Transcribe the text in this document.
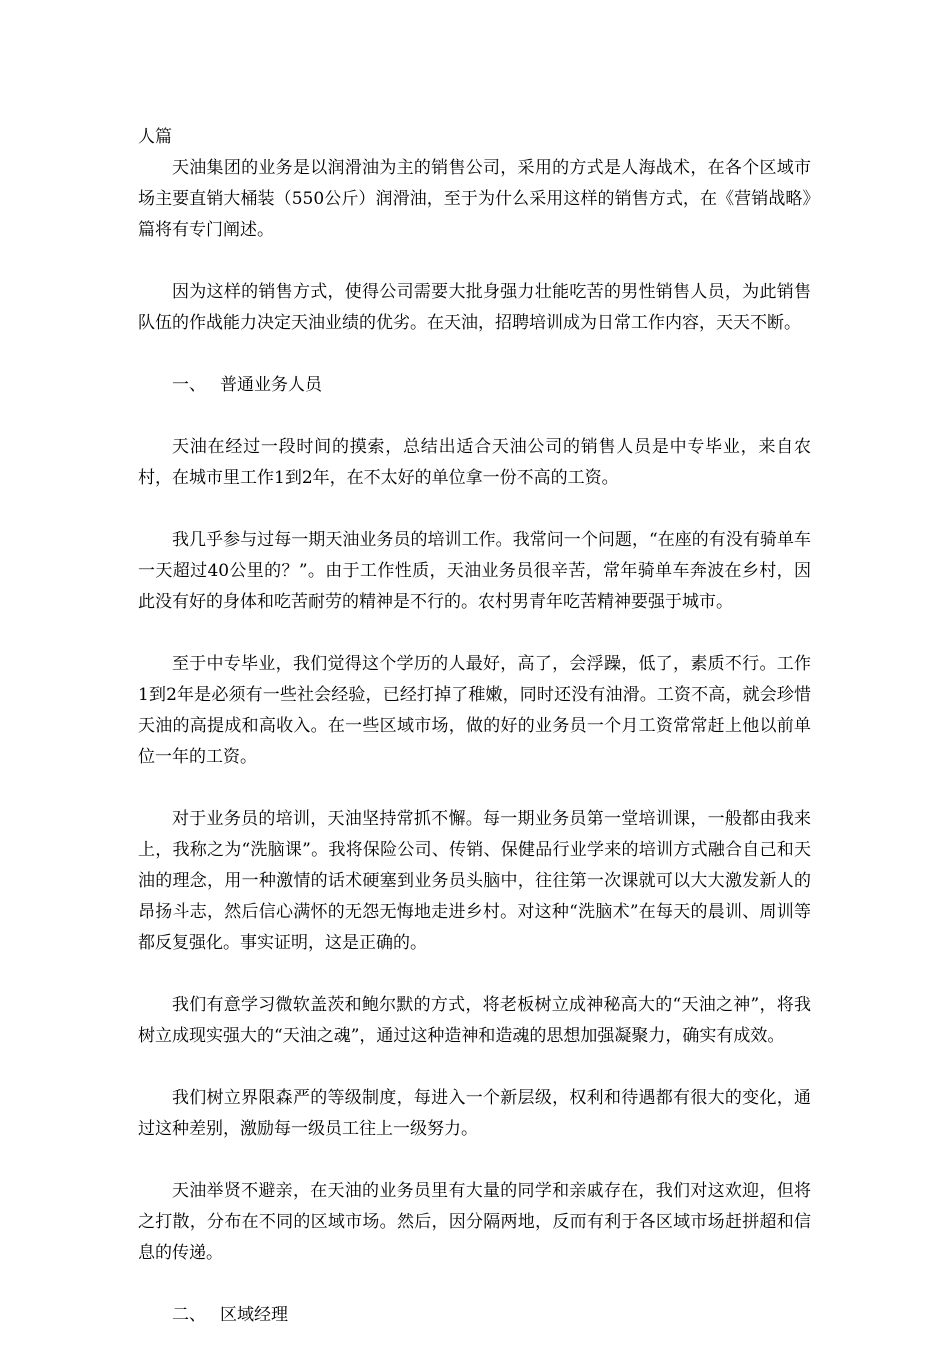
人篇

天油集团的业务是以润滑油为主的销售公司，采用的方式是人海战术，在各个区域市场主要直销大桶装（550公斤）润滑油，至于为什么采用这样的销售方式，在《营销战略》篇将有专门阐述。

因为这样的销售方式，使得公司需要大批身强力壮能吃苦的男性销售人员，为此销售队伍的作战能力决定天油业绩的优劣。在天油，招聘培训成为日常工作内容，天天不断。

一、 普通业务人员

天油在经过一段时间的摸索，总结出适合天油公司的销售人员是中专毕业，来自农村，在城市里工作1到2年，在不太好的单位拿一份不高的工资。

我几乎参与过每一期天油业务员的培训工作。我常问一个问题，“在座的有没有骑单车一天超过40公里的？”。由于工作性质，天油业务员很辛苦，常年骑单车奔波在乡村，因此没有好的身体和吃苦耐劳的精神是不行的。农村男青年吃苦精神要强于城市。

至于中专毕业，我们觉得这个学历的人最好，高了，会浮躁，低了，素质不行。工作1到2年是必须有一些社会经验，已经打掉了稚嫩，同时还没有油滑。工资不高，就会珍惜天油的高提成和高收入。在一些区域市场，做的好的业务员一个月工资常常赶上他以前单位一年的工资。

对于业务员的培训，天油坚持常抓不懈。每一期业务员第一堂培训课，一般都由我来上，我称之为“洗脑课”。我将保险公司、传销、保健品行业学来的培训方式融合自己和天油的理念，用一种激情的话术硬塞到业务员头脑中，往往第一次课就可以大大激发新人的昂扬斗志，然后信心满怀的无怨无悔地走进乡村。对这种“洗脑术”在每天的晨训、周训等都反复强化。事实证明，这是正确的。

我们有意学习微软盖茨和鲍尔默的方式，将老板树立成神秘高大的“天油之神”，将我树立成现实强大的“天油之魂”，通过这种造神和造魂的思想加强凝聚力，确实有成效。

我们树立界限森严的等级制度，每进入一个新层级，权利和待遇都有很大的变化，通过这种差别，激励每一级员工往上一级努力。

天油举贤不避亲，在天油的业务员里有大量的同学和亲戚存在，我们对这欢迎，但将之打散，分布在不同的区域市场。然后，因分隔两地，反而有利于各区域市场赶拼超和信息的传递。

二、 区域经理
